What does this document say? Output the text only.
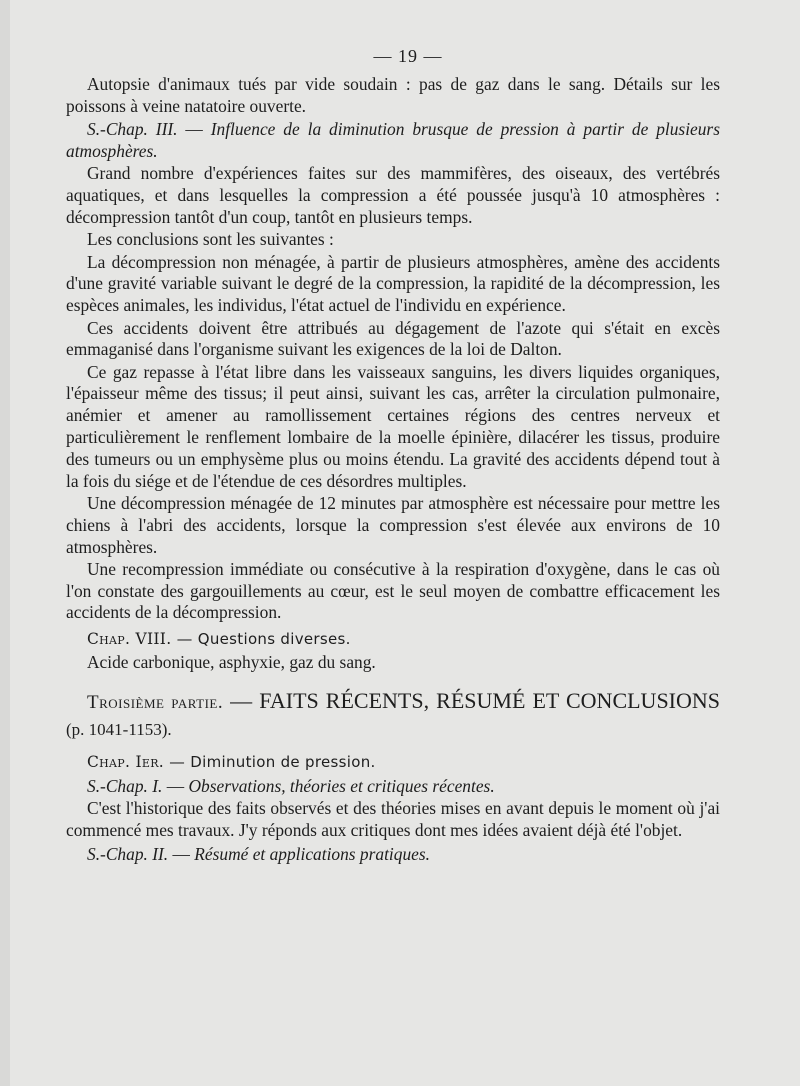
— 19 —

Autopsie d'animaux tués par vide soudain : pas de gaz dans le sang. Détails sur les poissons à veine natatoire ouverte.

S.-Chap. III. — Influence de la diminution brusque de pression à partir de plusieurs atmosphères.

Grand nombre d'expériences faites sur des mammifères, des oiseaux, des vertébrés aquatiques, et dans lesquelles la compression a été poussée jusqu'à 10 atmosphères : décompression tantôt d'un coup, tantôt en plusieurs temps.

Les conclusions sont les suivantes :

La décompression non ménagée, à partir de plusieurs atmosphères, amène des accidents d'une gravité variable suivant le degré de la compression, la rapidité de la décompression, les espèces animales, les individus, l'état actuel de l'individu en expérience.

Ces accidents doivent être attribués au dégagement de l'azote qui s'était en excès emmaganisé dans l'organisme suivant les exigences de la loi de Dalton.

Ce gaz repasse à l'état libre dans les vaisseaux sanguins, les divers liquides organiques, l'épaisseur même des tissus; il peut ainsi, suivant les cas, arrêter la circulation pulmonaire, anémier et amener au ramollissement certaines régions des centres nerveux et particulièrement le renflement lombaire de la moelle épinière, dilacérer les tissus, produire des tumeurs ou un emphysème plus ou moins étendu. La gravité des accidents dépend tout à la fois du siége et de l'étendue de ces désordres multiples.

Une décompression ménagée de 12 minutes par atmosphère est nécessaire pour mettre les chiens à l'abri des accidents, lorsque la compression s'est élevée aux environs de 10 atmosphères.

Une recompression immédiate ou consécutive à la respiration d'oxygène, dans le cas où l'on constate des gargouillements au cœur, est le seul moyen de combattre efficacement les accidents de la décompression.

Chap. VIII. — Questions diverses.

Acide carbonique, asphyxie, gaz du sang.

Troisième partie. — FAITS RÉCENTS, RÉSUMÉ ET CONCLUSIONS (p. 1041-1153).

Chap. Ier. — Diminution de pression.

S.-Chap. I. — Observations, théories et critiques récentes.

C'est l'historique des faits observés et des théories mises en avant depuis le moment où j'ai commencé mes travaux. J'y réponds aux critiques dont mes idées avaient déjà été l'objet.

S.-Chap. II. — Résumé et applications pratiques.
